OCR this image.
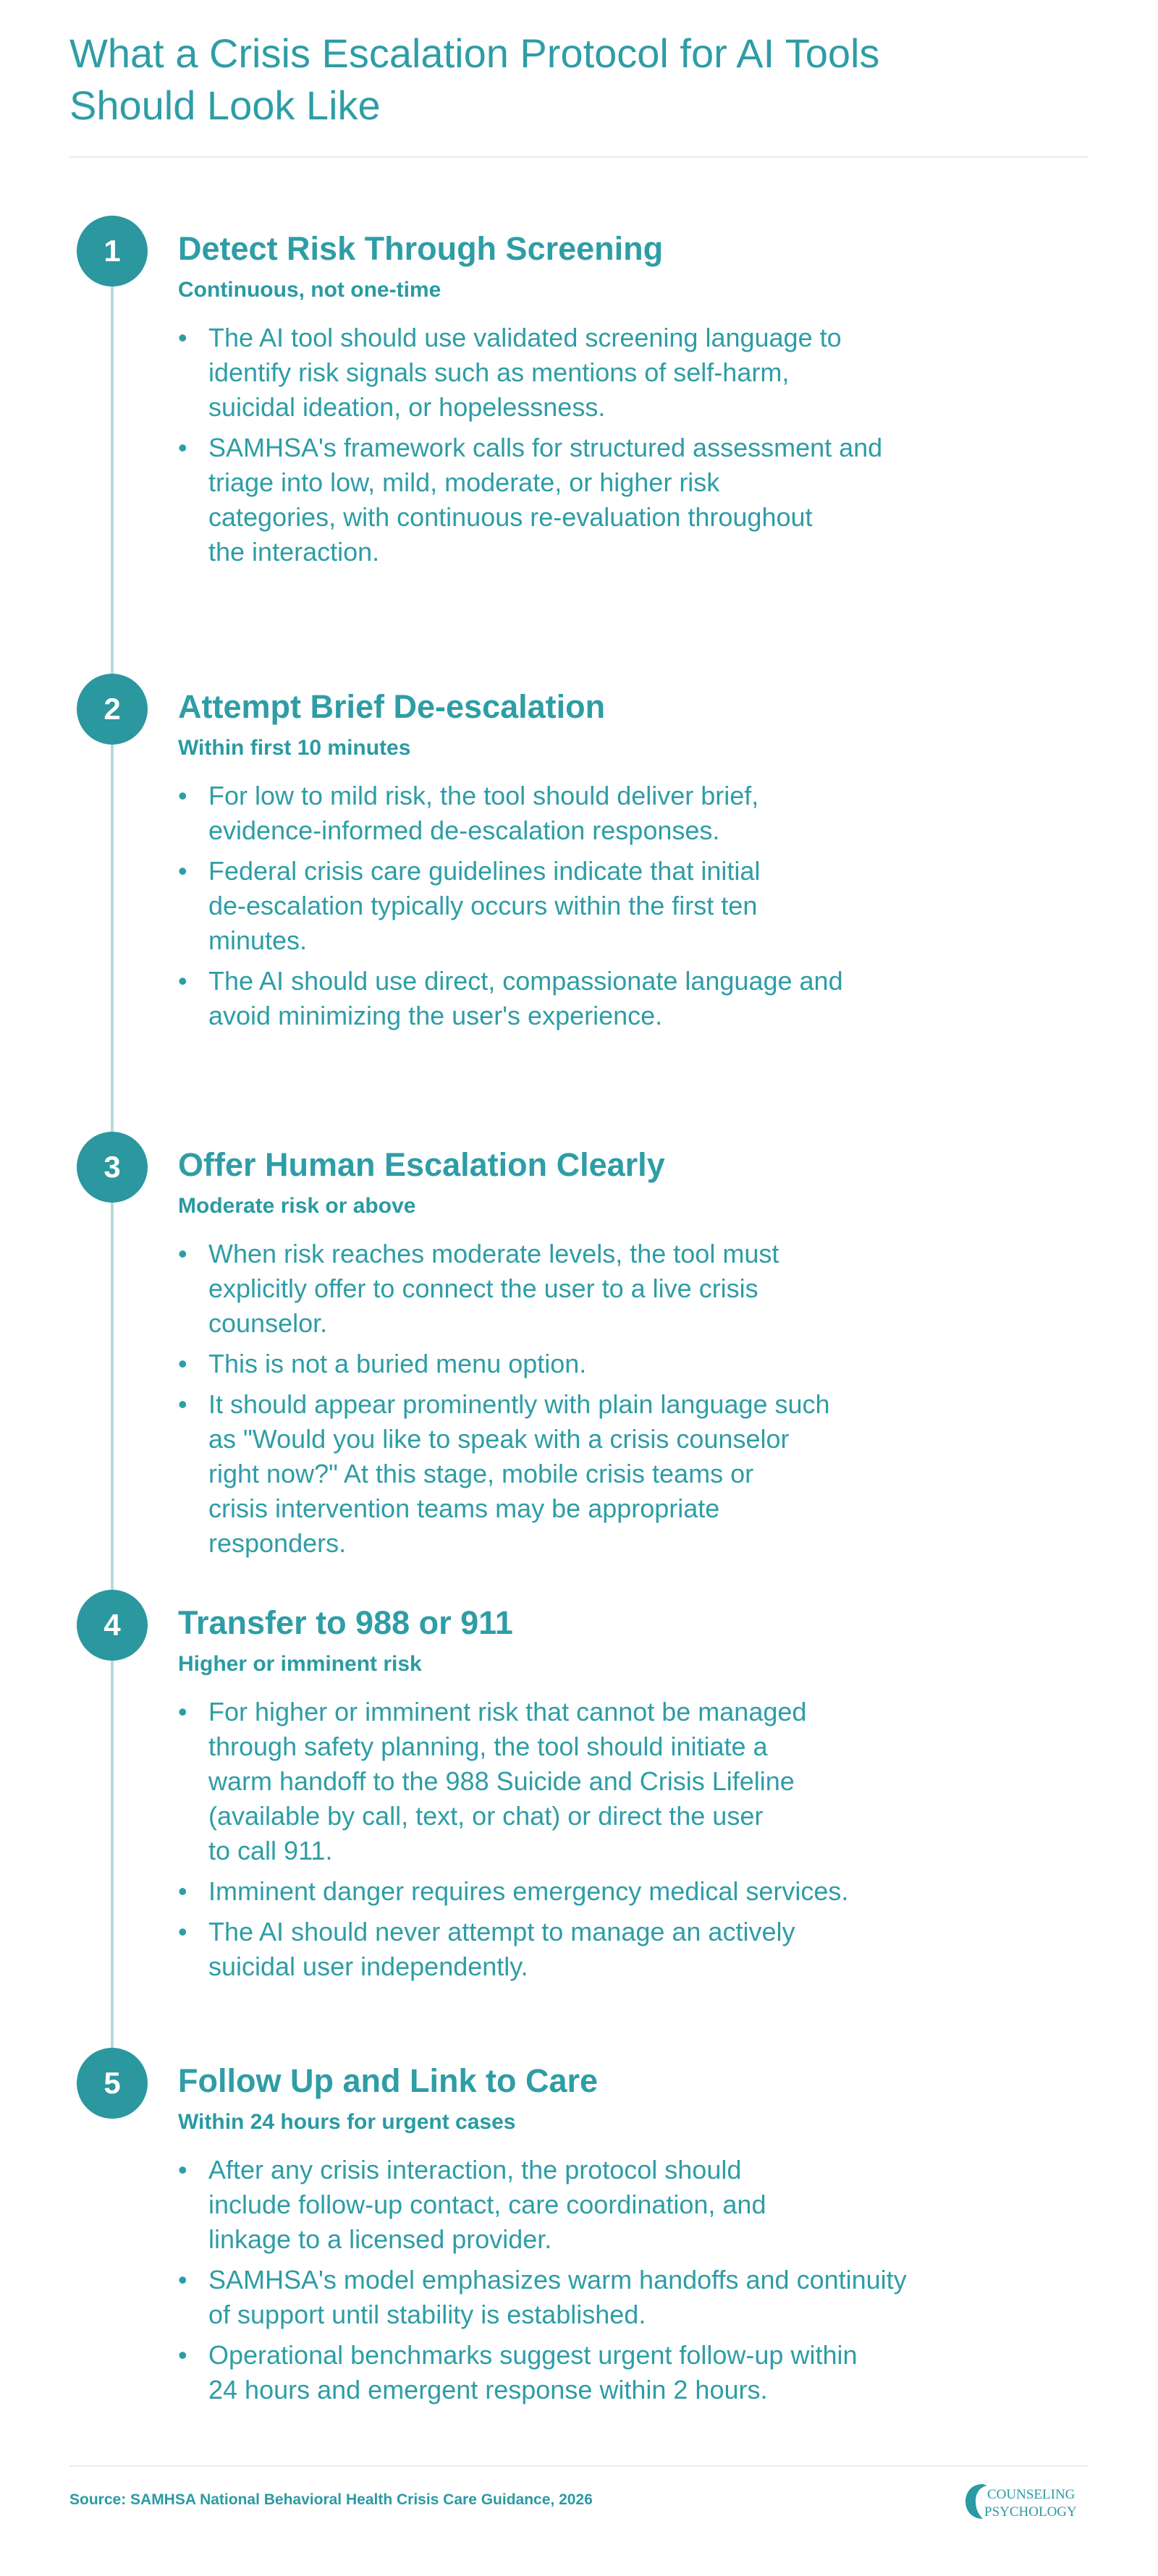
What a Crisis Escalation Protocol for AI Tools
Should Look Like
1	Detect Risk Through Screening
Continuous, not one-time
• The AI tool should use validated screening language to
identify risk signals such as mentions of self-harm,
suicidal ideation, or hopelessness.
• SAMHSA's framework calls for structured assessment and
triage into low, mild, moderate, or higher risk
categories, with continuous re-evaluation throughout
the interaction.
2	Attempt Brief De-escalation
Within first 10 minutes
• For low to mild risk, the tool should deliver brief,
evidence-informed de-escalation responses.
• Federal crisis care guidelines indicate that initial
de-escalation typically occurs within the first ten
minutes.
• The AI should use direct, compassionate language and
avoid minimizing the user's experience.
3	Offer Human Escalation Clearly
Moderate risk or above
• When risk reaches moderate levels, the tool must
explicitly offer to connect the user to a live crisis
counselor.
• This is not a buried menu option.
• It should appear prominently with plain language such
as "Would you like to speak with a crisis counselor
right now?" At this stage, mobile crisis teams or
crisis intervention teams may be appropriate
responders.
4	Transfer to 988 or 911
Higher or imminent risk
• For higher or imminent risk that cannot be managed
through safety planning, the tool should initiate a
warm handoff to the 988 Suicide and Crisis Lifeline
(available by call, text, or chat) or direct the user
to call 911.
• Imminent danger requires emergency medical services.
• The AI should never attempt to manage an actively
suicidal user independently.
5	Follow Up and Link to Care
Within 24 hours for urgent cases
• After any crisis interaction, the protocol should
include follow-up contact, care coordination, and
linkage to a licensed provider.
• SAMHSA's model emphasizes warm handoffs and continuity
of support until stability is established.
• Operational benchmarks suggest urgent follow-up within
24 hours and emergent response within 2 hours.
Source: SAMHSA National Behavioral Health Crisis Care Guidance, 2026	COUNSELING
PSYCHOLOGY
